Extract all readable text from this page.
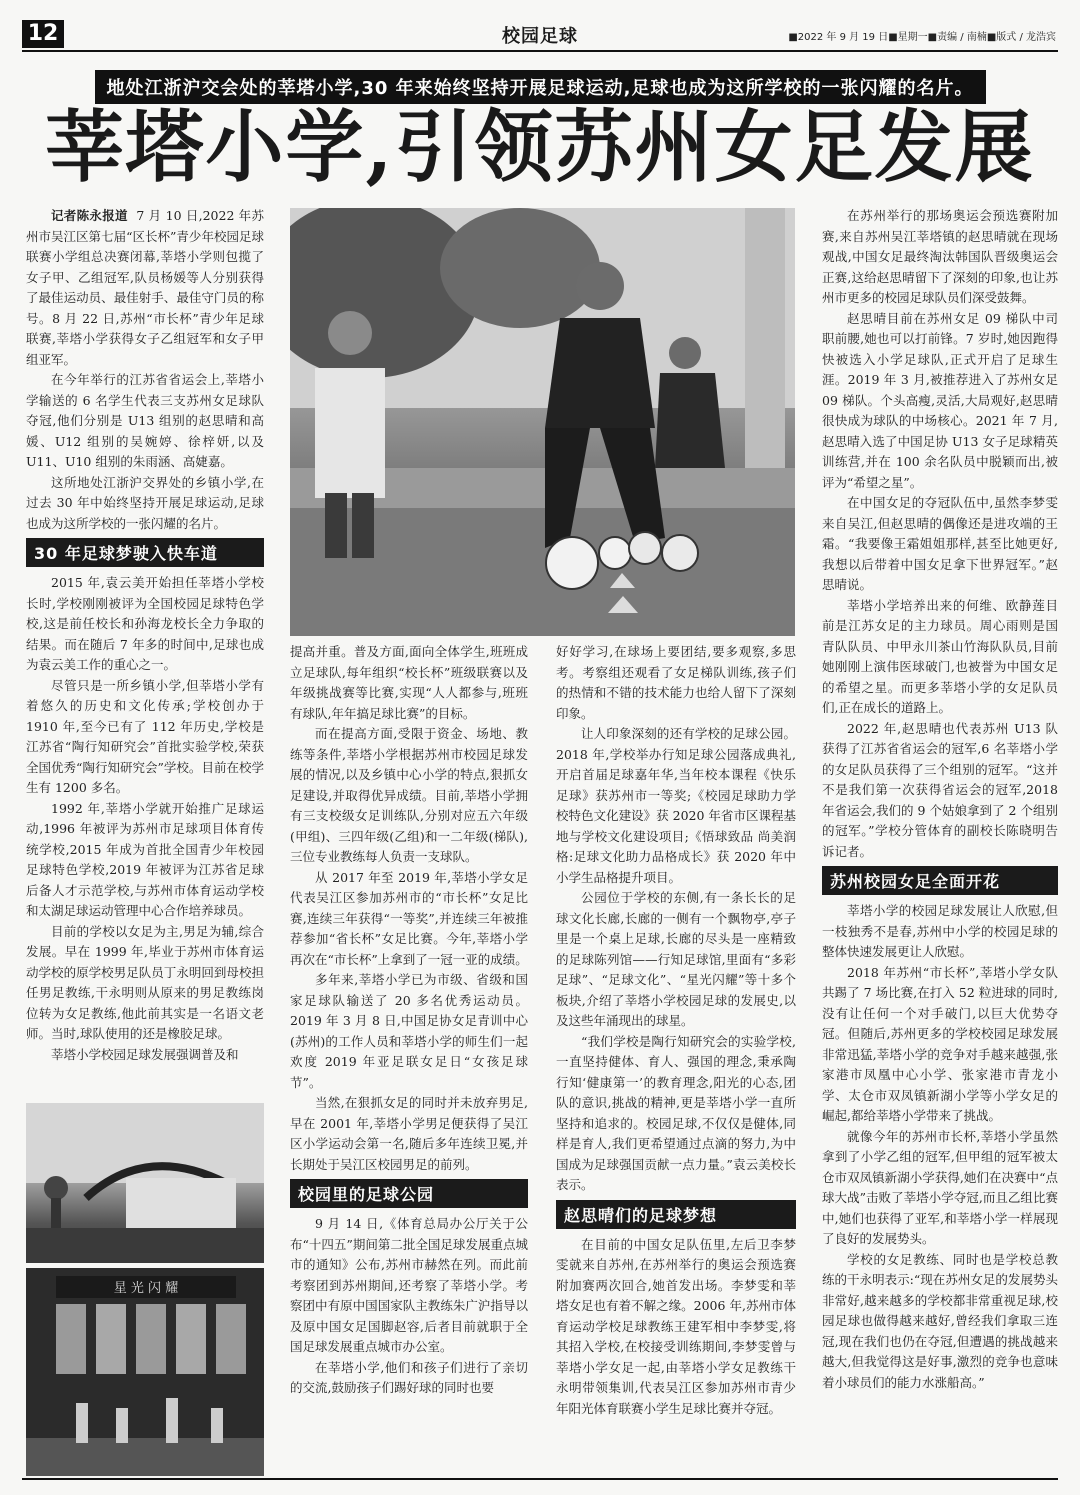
12	校园足球	■2022 年 9 月 19 日■星期一■责编 / 南楠■版式 / 龙浩宾
地处江浙沪交会处的莘塔小学,30 年来始终坚持开展足球运动,足球也成为这所学校的一张闪耀的名片。
莘塔小学,引领苏州女足发展

记者陈永报道 7 月 10 日,2022 年苏州市吴江区第七届“区长杯”青少年校园足球联赛小学组总决赛闭幕,莘塔小学则包揽了女子甲、乙组冠军,队员杨媛等人分别获得了最佳运动员、最佳射手、最佳守门员的称号。8 月 22 日,苏州“市长杯”青少年足球联赛,莘塔小学获得女子乙组冠军和女子甲组亚军。

在今年举行的江苏省省运会上,莘塔小学输送的 6 名学生代表三支苏州女足球队夺冠,他们分别是 U13 组别的赵思晴和高媛、U12 组别的吴婉婷、徐梓妍,以及 U11、U10 组别的朱雨涵、高婕嘉。

这所地处江浙沪交界处的乡镇小学,在过去 30 年中始终坚持开展足球运动,足球也成为这所学校的一张闪耀的名片。

30 年足球梦驶入快车道

2015 年,袁云美开始担任莘塔小学校长时,学校刚刚被评为全国校园足球特色学校,这是前任校长和孙海龙校长全力争取的结果。而在随后 7 年多的时间中,足球也成为袁云美工作的重心之一。

尽管只是一所乡镇小学,但莘塔小学有着悠久的历史和文化传承;学校创办于 1910 年,至今已有了 112 年历史,学校是江苏省“陶行知研究会”首批实验学校,荣获全国优秀“陶行知研究会”学校。目前在校学生有 1200 多名。

1992 年,莘塔小学就开始推广足球运动,1996 年被评为苏州市足球项目体育传统学校,2015 年成为首批全国青少年校园足球特色学校,2019 年被评为江苏省足球后备人才示范学校,与苏州市体育运动学校和太湖足球运动管理中心合作培养球员。

目前的学校以女足为主,男足为辅,综合发展。早在 1999 年,毕业于苏州市体育运动学校的原学校男足队员丁永明回到母校担任男足教练,干永明则从原来的男足教练岗位转为女足教练,他此前其实是一名语文老师。当时,球队使用的还是橡胶足球。

莘塔小学校园足球发展强调普及和

提高并重。普及方面,面向全体学生,班班成立足球队,每年组织“校长杯”班级联赛以及年级挑战赛等比赛,实现“人人都参与,班班有球队,年年搞足球比赛”的目标。

而在提高方面,受限于资金、场地、教练等条件,莘塔小学根据苏州市校园足球发展的情况,以及乡镇中心小学的特点,狠抓女足建设,并取得优异成绩。目前,莘塔小学拥有三支校级女足训练队,分别对应五六年级(甲组)、三四年级(乙组)和一二年级(梯队),三位专业教练每人负责一支球队。

从 2017 年至 2019 年,莘塔小学女足代表吴江区参加苏州市的“市长杯”女足比赛,连续三年获得“一等奖”,并连续三年被推荐参加“省长杯”女足比赛。今年,莘塔小学再次在“市长杯”上拿到了一冠一亚的成绩。

多年来,莘塔小学已为市级、省级和国家足球队输送了 20 多名优秀运动员。2019 年 3 月 8 日,中国足协女足青训中心(苏州)的工作人员和莘塔小学的师生们一起欢度 2019 年亚足联女足日“女孩足球节”。

当然,在狠抓女足的同时并未放弃男足,早在 2001 年,莘塔小学男足便获得了吴江区小学运动会第一名,随后多年连续卫冕,并长期处于吴江区校园男足的前列。

校园里的足球公园

9 月 14 日,《体育总局办公厅关于公布“十四五”期间第二批全国足球发展重点城市的通知》公布,苏州市赫然在列。而此前考察团到苏州期间,还考察了莘塔小学。考察团中有原中国国家队主教练朱广沪指导以及原中国女足国脚赵容,后者目前就职于全国足球发展重点城市办公室。

在莘塔小学,他们和孩子们进行了亲切的交流,鼓励孩子们踢好球的同时也要

好好学习,在球场上要团结,要多观察,多思考。考察组还观看了女足梯队训练,孩子们的热情和不错的技术能力也给人留下了深刻印象。

让人印象深刻的还有学校的足球公园。2018 年,学校举办行知足球公园落成典礼,开启首届足球嘉年华,当年校本课程《快乐足球》获苏州市一等奖;《校园足球助力学校特色文化建设》获 2020 年省市区课程基地与学校文化建设项目;《悟球致品 尚美润格:足球文化助力品格成长》获 2020 年中小学生品格提升项目。

公园位于学校的东侧,有一条长长的足球文化长廊,长廊的一侧有一个飘物亭,亭子里是一个桌上足球,长廊的尽头是一座精致的足球陈列馆——行知足球馆,里面有“多彩足球”、“足球文化”、“星光闪耀”等十多个板块,介绍了莘塔小学校园足球的发展史,以及这些年涌现出的球星。

“我们学校是陶行知研究会的实验学校,一直坚持健体、育人、强国的理念,秉承陶行知‘健康第一’的教育理念,阳光的心态,团队的意识,挑战的精神,更是莘塔小学一直所坚持和追求的。校园足球,不仅仅是健体,同样是育人,我们更希望通过点滴的努力,为中国成为足球强国贡献一点力量。”袁云美校长表示。

赵思晴们的足球梦想

在目前的中国女足队伍里,左后卫李梦雯就来自苏州,在苏州举行的奥运会预选赛附加赛两次回合,她首发出场。李梦雯和莘塔女足也有着不解之缘。2006 年,苏州市体育运动学校足球教练王建军相中李梦雯,将其招入学校,在校接受训练期间,李梦雯曾与莘塔小学女足一起,由莘塔小学女足教练干永明带领集训,代表吴江区参加苏州市青少年阳光体育联赛小学生足球比赛并夺冠。

在苏州举行的那场奥运会预选赛附加赛,来自苏州吴江莘塔镇的赵思晴就在现场观战,中国女足最终淘汰韩国队晋级奥运会正赛,这给赵思晴留下了深刻的印象,也让苏州市更多的校园足球队员们深受鼓舞。

赵思晴目前在苏州女足 09 梯队中司职前腰,她也可以打前锋。7 岁时,她因跑得快被选入小学足球队,正式开启了足球生涯。2019 年 3 月,被推荐进入了苏州女足 09 梯队。个头高瘦,灵活,大局观好,赵思晴很快成为球队的中场核心。2021 年 7 月,赵思晴入选了中国足协 U13 女子足球精英训练营,并在 100 余名队员中脱颖而出,被评为“希望之星”。

在中国女足的夺冠队伍中,虽然李梦雯来自吴江,但赵思晴的偶像还是进攻端的王霜。“我要像王霜姐姐那样,甚至比她更好,我想以后带着中国女足拿下世界冠军。”赵思晴说。

莘塔小学培养出来的何维、欧静莲目前是江苏女足的主力球员。周心雨则是国青队队员、中甲永川茶山竹海队队员,目前她刚刚上演伟医球破门,也被誉为中国女足的希望之星。而更多莘塔小学的女足队员们,正在成长的道路上。

2022 年,赵思晴也代表苏州 U13 队获得了江苏省省运会的冠军,6 名莘塔小学的女足队员获得了三个组别的冠军。“这并不是我们第一次获得省运会的冠军,2018 年省运会,我们的 9 个姑娘拿到了 2 个组别的冠军。”学校分管体育的副校长陈晓明告诉记者。

苏州校园女足全面开花

莘塔小学的校园足球发展让人欣慰,但一枝独秀不是春,苏州中小学的校园足球的整体快速发展更让人欣慰。

2018 年苏州“市长杯”,莘塔小学女队共踢了 7 场比赛,在打入 52 粒进球的同时,没有让任何一个对手破门,以巨大优势夺冠。但随后,苏州更多的学校校园足球发展非常迅猛,莘塔小学的竞争对手越来越强,张家港市凤凰中心小学、张家港市青龙小学、太仓市双凤镇新湖小学等小学女足的崛起,都给莘塔小学带来了挑战。

就像今年的苏州市长杯,莘塔小学虽然拿到了小学乙组的冠军,但甲组的冠军被太仓市双凤镇新湖小学获得,她们在决赛中“点球大战”击败了莘塔小学夺冠,而且乙组比赛中,她们也获得了亚军,和莘塔小学一样展现了良好的发展势头。

学校的女足教练、同时也是学校总教练的干永明表示:“现在苏州女足的发展势头非常好,越来越多的学校都非常重视足球,校园足球也做得越来越好,曾经我们拿取三连冠,现在我们也仍在夺冠,但遭遇的挑战越来越大,但我觉得这是好事,激烈的竞争也意味着小球员们的能力水涨船高。”

星 光 闪 耀
